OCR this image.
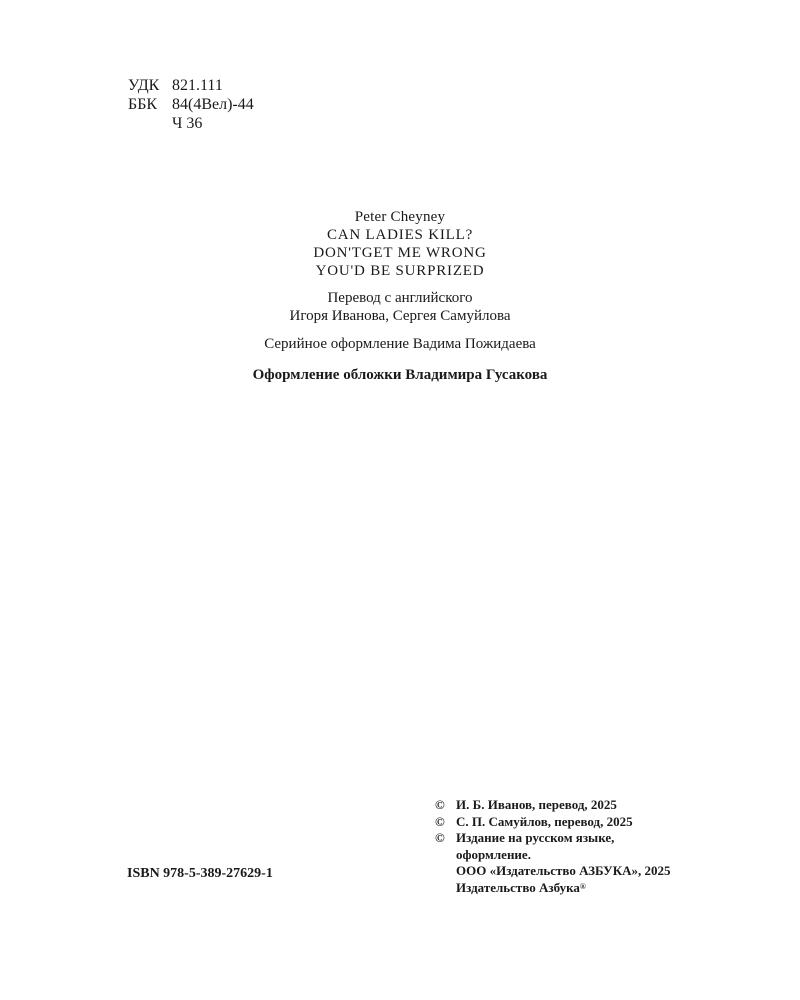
УДК 821.111
ББК 84(4Вел)-44
Ч 36
Peter Cheyney
CAN LADIES KILL?
DON'TGET ME WRONG
YOU'D BE SURPRIZED
Перевод с английского
Игоря Иванова, Сергея Самуйлова
Серийное оформление Вадима Пожидаева
Оформление обложки Владимира Гусакова
ISBN 978-5-389-27629-1
© И. Б. Иванов, перевод, 2025
© С. П. Самуйлов, перевод, 2025
© Издание на русском языке,
оформление.
ООО «Издательство АЗБУКА», 2025
Издательство Азбука®
